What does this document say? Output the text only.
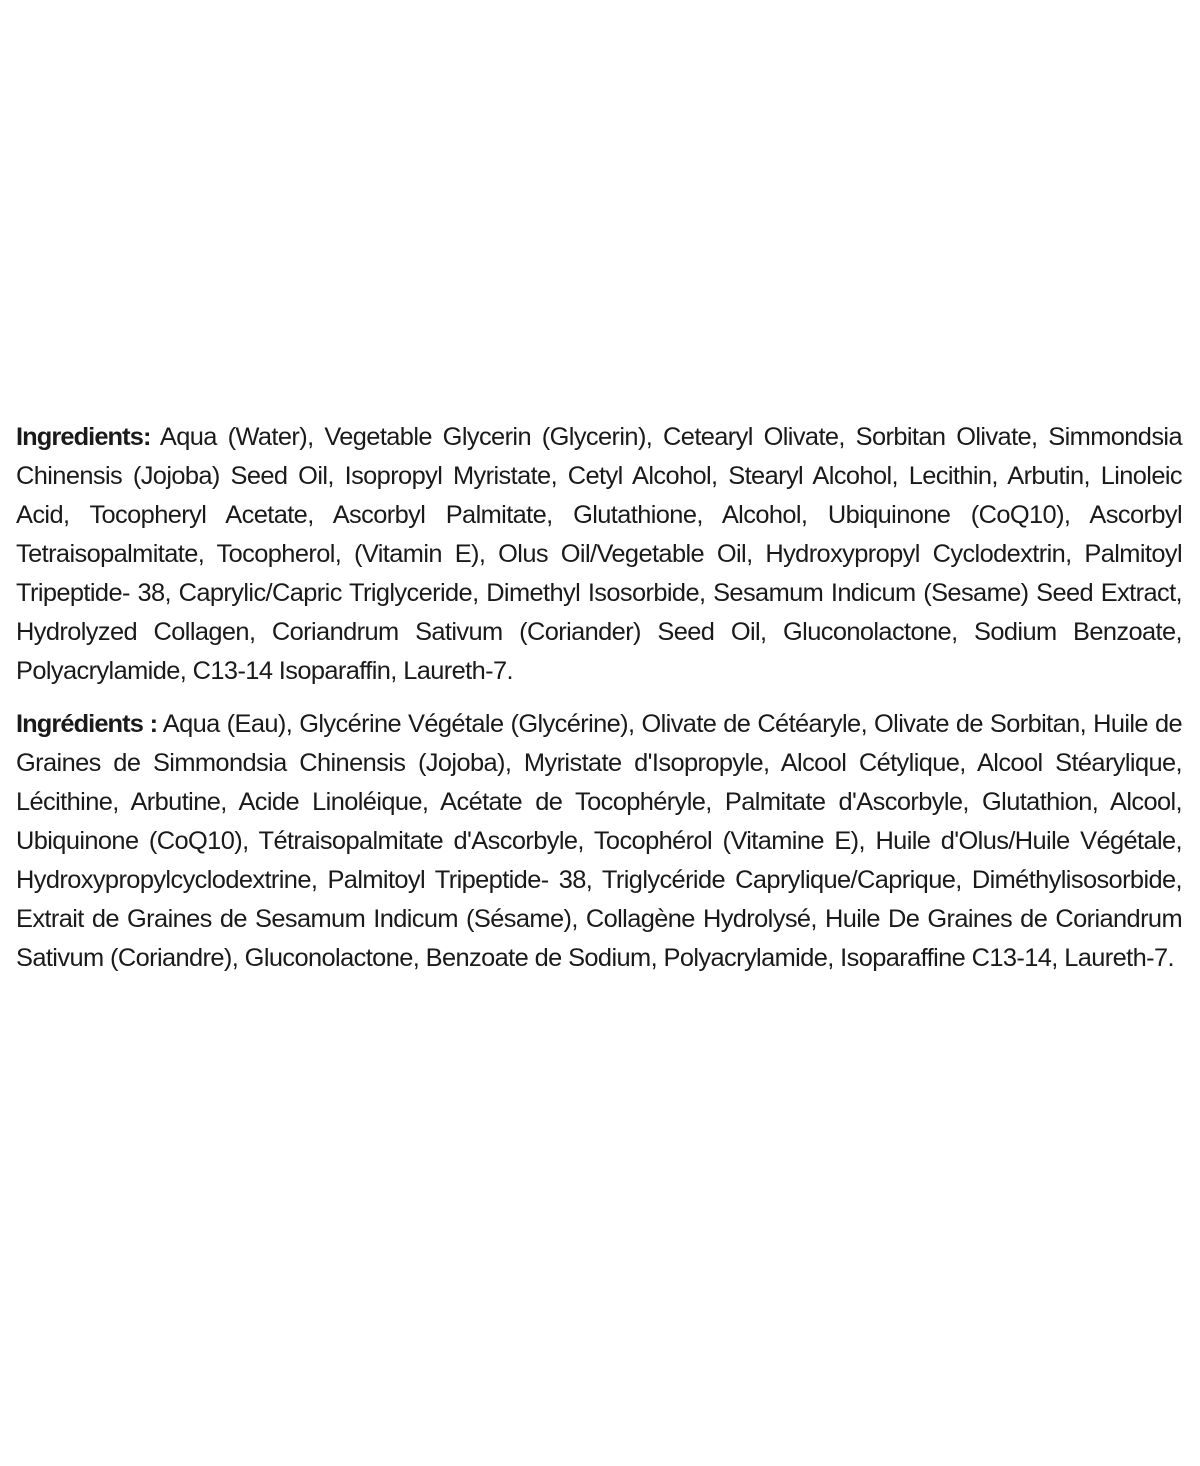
Ingredients: Aqua (Water), Vegetable Glycerin (Glycerin), Cetearyl Olivate, Sorbitan Olivate, Simmondsia Chinensis (Jojoba) Seed Oil, Isopropyl Myristate, Cetyl Alcohol, Stearyl Alcohol, Lecithin, Arbutin, Linoleic Acid, Tocopheryl Acetate, Ascorbyl Palmitate, Glutathione, Alcohol, Ubiquinone (CoQ10), Ascorbyl Tetraisopalmitate, Tocopherol, (Vitamin E), Olus Oil/Vegetable Oil, Hydroxypropyl Cyclodextrin, Palmitoyl Tripeptide- 38, Caprylic/Capric Triglyceride, Dimethyl Isosorbide, Sesamum Indicum (Sesame) Seed Extract, Hydrolyzed Collagen, Coriandrum Sativum (Coriander) Seed Oil, Gluconolactone, Sodium Benzoate, Polyacrylamide, C13-14 Isoparaffin, Laureth-7.

Ingrédients : Aqua (Eau), Glycérine Végétale (Glycérine), Olivate de Cétéaryle, Olivate de Sorbitan, Huile de Graines de Simmondsia Chinensis (Jojoba), Myristate d'Isopropyle, Alcool Cétylique, Alcool Stéarylique, Lécithine, Arbutine, Acide Linoléique, Acétate de Tocophéryle, Palmitate d'Ascorbyle, Glutathion, Alcool, Ubiquinone (CoQ10), Tétraisopalmitate d'Ascorbyle, Tocophérol (Vitamine E), Huile d'Olus/Huile Végétale, Hydroxypropylcyclodextrine, Palmitoyl Tripeptide- 38, Triglycéride Caprylique/Caprique, Diméthylisosorbide, Extrait de Graines de Sesamum Indicum (Sésame), Collagène Hydrolysé, Huile De Graines de Coriandrum Sativum (Coriandre), Gluconolactone, Benzoate de Sodium, Polyacrylamide, Isoparaffine C13-14, Laureth-7.
